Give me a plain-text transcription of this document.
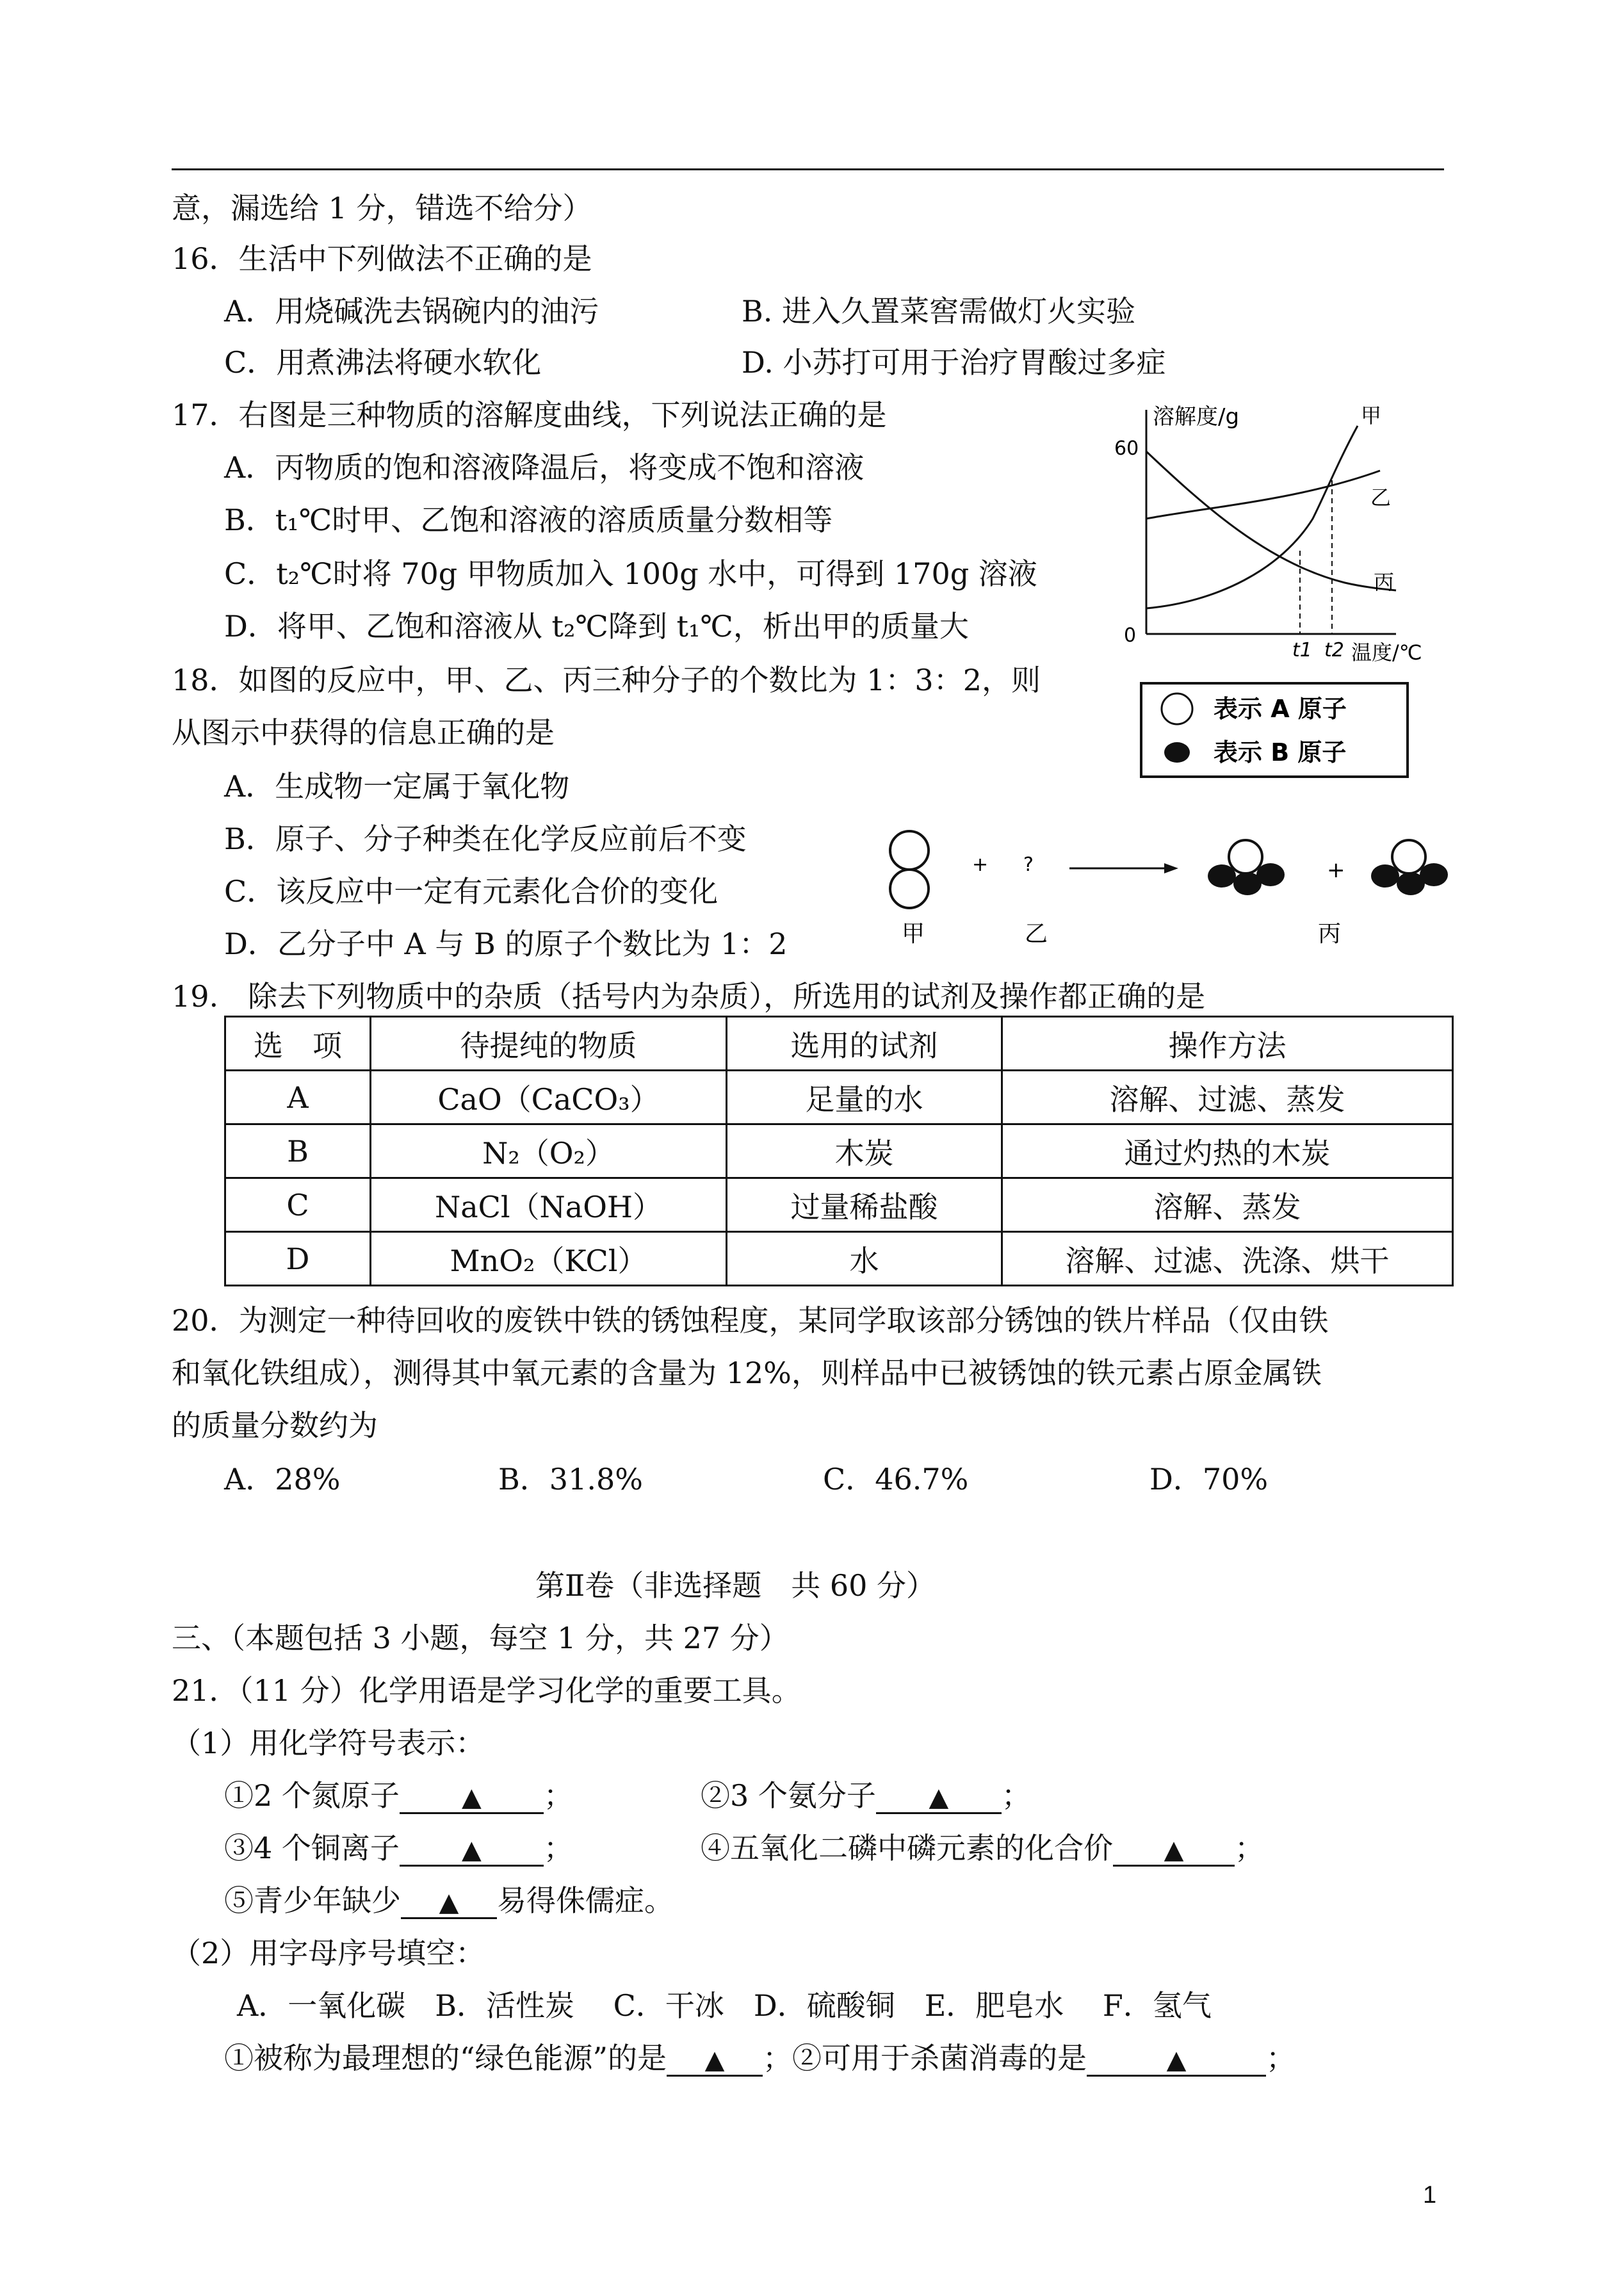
意，漏选给 1 分，错选不给分）
16．生活中下列做法不正确的是
A．用烧碱洗去锅碗内的油污	B. 进入久置菜窖需做灯火实验
C．用煮沸法将硬水软化	D. 小苏打可用于治疗胃酸过多症
17．右图是三种物质的溶解度曲线，下列说法正确的是
A．丙物质的饱和溶液降温后，将变成不饱和溶液
B．t₁℃时甲、乙饱和溶液的溶质质量分数相等
C．t₂℃时将 70g 甲物质加入 100g 水中，可得到 170g 溶液
D．将甲、乙饱和溶液从 t₂℃降到 t₁℃，析出甲的质量大
溶解度/g
60
0
甲
乙
丙
t1 t2 温度/℃
18．如图的反应中，甲、乙、丙三种分子的个数比为 1：3：2，则
从图示中获得的信息正确的是
A．生成物一定属于氧化物
B．原子、分子种类在化学反应前后不变
C．该反应中一定有元素化合价的变化
D．乙分子中 A 与 B 的原子个数比为 1：2
表示 A 原子
表示 B 原子
+ ?	+
甲	乙	丙
19.　除去下列物质中的杂质（括号内为杂质），所选用的试剂及操作都正确的是
选　项	待提纯的物质	选用的试剂	操作方法
A	CaO（CaCO₃）	足量的水	溶解、过滤、蒸发
B	N₂（O₂）	木炭	通过灼热的木炭
C	NaCl（NaOH）	过量稀盐酸	溶解、蒸发
D	MnO₂（KCl）	水	溶解、过滤、洗涤、烘干
20．为测定一种待回收的废铁中铁的锈蚀程度，某同学取该部分锈蚀的铁片样品（仅由铁
和氧化铁组成），测得其中氧元素的含量为 12%，则样品中已被锈蚀的铁元素占原金属铁
的质量分数约为
A．28%	B．31.8%	C．46.7%	D．70%
第Ⅱ卷（非选择题　共 60 分）
三、（本题包括 3 小题，每空 1 分，共 27 分）
21．（11 分）化学用语是学习化学的重要工具。
（1）用化学符号表示：
①2 个氮原子 ▲ ；	②3 个氨分子 ▲ ；
③4 个铜离子 ▲ ；	④五氧化二磷中磷元素的化合价 ▲ ；
⑤青少年缺少 ▲ 易得侏儒症。
（2）用字母序号填空：
A．一氧化碳　B．活性炭　 C．干冰　D．硫酸铜　E．肥皂水　 F．氢气
①被称为最理想的“绿色能源”的是 ▲ ；②可用于杀菌消毒的是	▲	；
1
